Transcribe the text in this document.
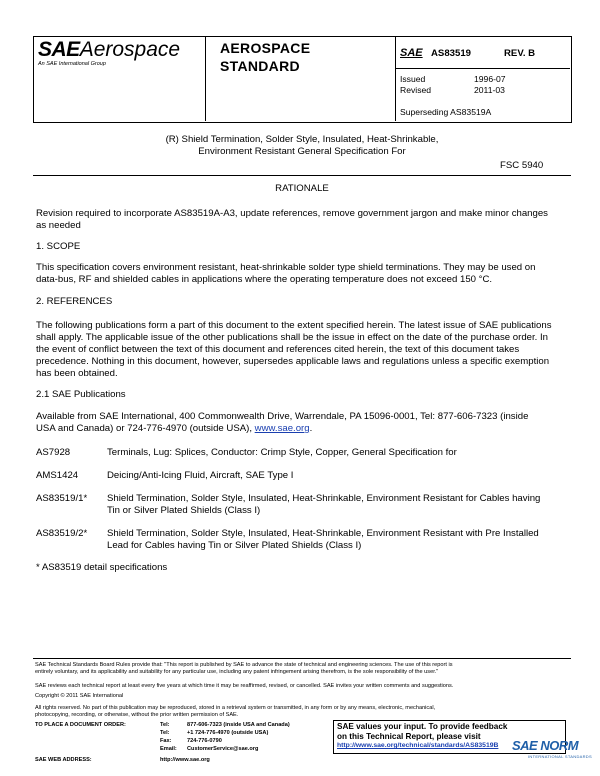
SAEAerospace
An SAE International Group
AEROSPACE
STANDARD
SAE AS83519	REV. B
Issued	1996-07
Revised	2011-03
Superseding AS83519A
(R) Shield Termination, Solder Style, Insulated, Heat-Shrinkable,
Environment Resistant General Specification For
FSC 5940
RATIONALE
Revision required to incorporate AS83519A-A3, update references, remove government jargon and make minor changes
as needed
1. SCOPE
This specification covers environment resistant, heat-shrinkable solder type shield terminations. They may be used on
data-bus, RF and shielded cables in applications where the operating temperature does not exceed 150 °C.
2. REFERENCES
The following publications form a part of this document to the extent specified herein. The latest issue of SAE publications
shall apply. The applicable issue of the other publications shall be the issue in effect on the date of the purchase order. In
the event of conflict between the text of this document and references cited herein, the text of this document takes
precedence. Nothing in this document, however, supersedes applicable laws and regulations unless a specific exemption
has been obtained.
2.1 SAE Publications
Available from SAE International, 400 Commonwealth Drive, Warrendale, PA 15096-0001, Tel: 877-606-7323 (inside
USA and Canada) or 724-776-4970 (outside USA), www.sae.org.
AS7928	Terminals, Lug: Splices, Conductor: Crimp Style, Copper, General Specification for
AMS1424	Deicing/Anti-Icing Fluid, Aircraft, SAE Type I
AS83519/1* Shield Termination, Solder Style, Insulated, Heat-Shrinkable, Environment Resistant for Cables having
Tin or Silver Plated Shields (Class I)
AS83519/2* Shield Termination, Solder Style, Insulated, Heat-Shrinkable, Environment Resistant with Pre Installed
Lead for Cables having Tin or Silver Plated Shields (Class I)
* AS83519 detail specifications
SAE Technical Standards Board Rules provide that: "This report is published by SAE to advance the state of technical and engineering sciences. The use of this report is
entirely voluntary, and its applicability and suitability for any particular use, including any patent infringement arising therefrom, is the sole responsibility of the user."
SAE reviews each technical report at least every five years at which time it may be reaffirmed, revised, or cancelled. SAE invites your written comments and suggestions.
Copyright © 2011 SAE International
All rights reserved. No part of this publication may be reproduced, stored in a retrieval system or transmitted, in any form or by any means, electronic, mechanical,
photocopying, recording, or otherwise, without the prior written permission of SAE.
TO PLACE A DOCUMENT ORDER:	Tel:	877-606-7323 (inside USA and Canada)
Tel:	+1 724-776-4970 (outside USA)
Fax:	724-776-0790
Email: CustomerService@sae.org
SAE WEB ADDRESS:	http://www.sae.org
SAE values your input. To provide feedback
on this Technical Report, please visit
http://www.sae.org/technical/standards/AS83519B SAE NORM
INTERNATIONAL STANDARDS
